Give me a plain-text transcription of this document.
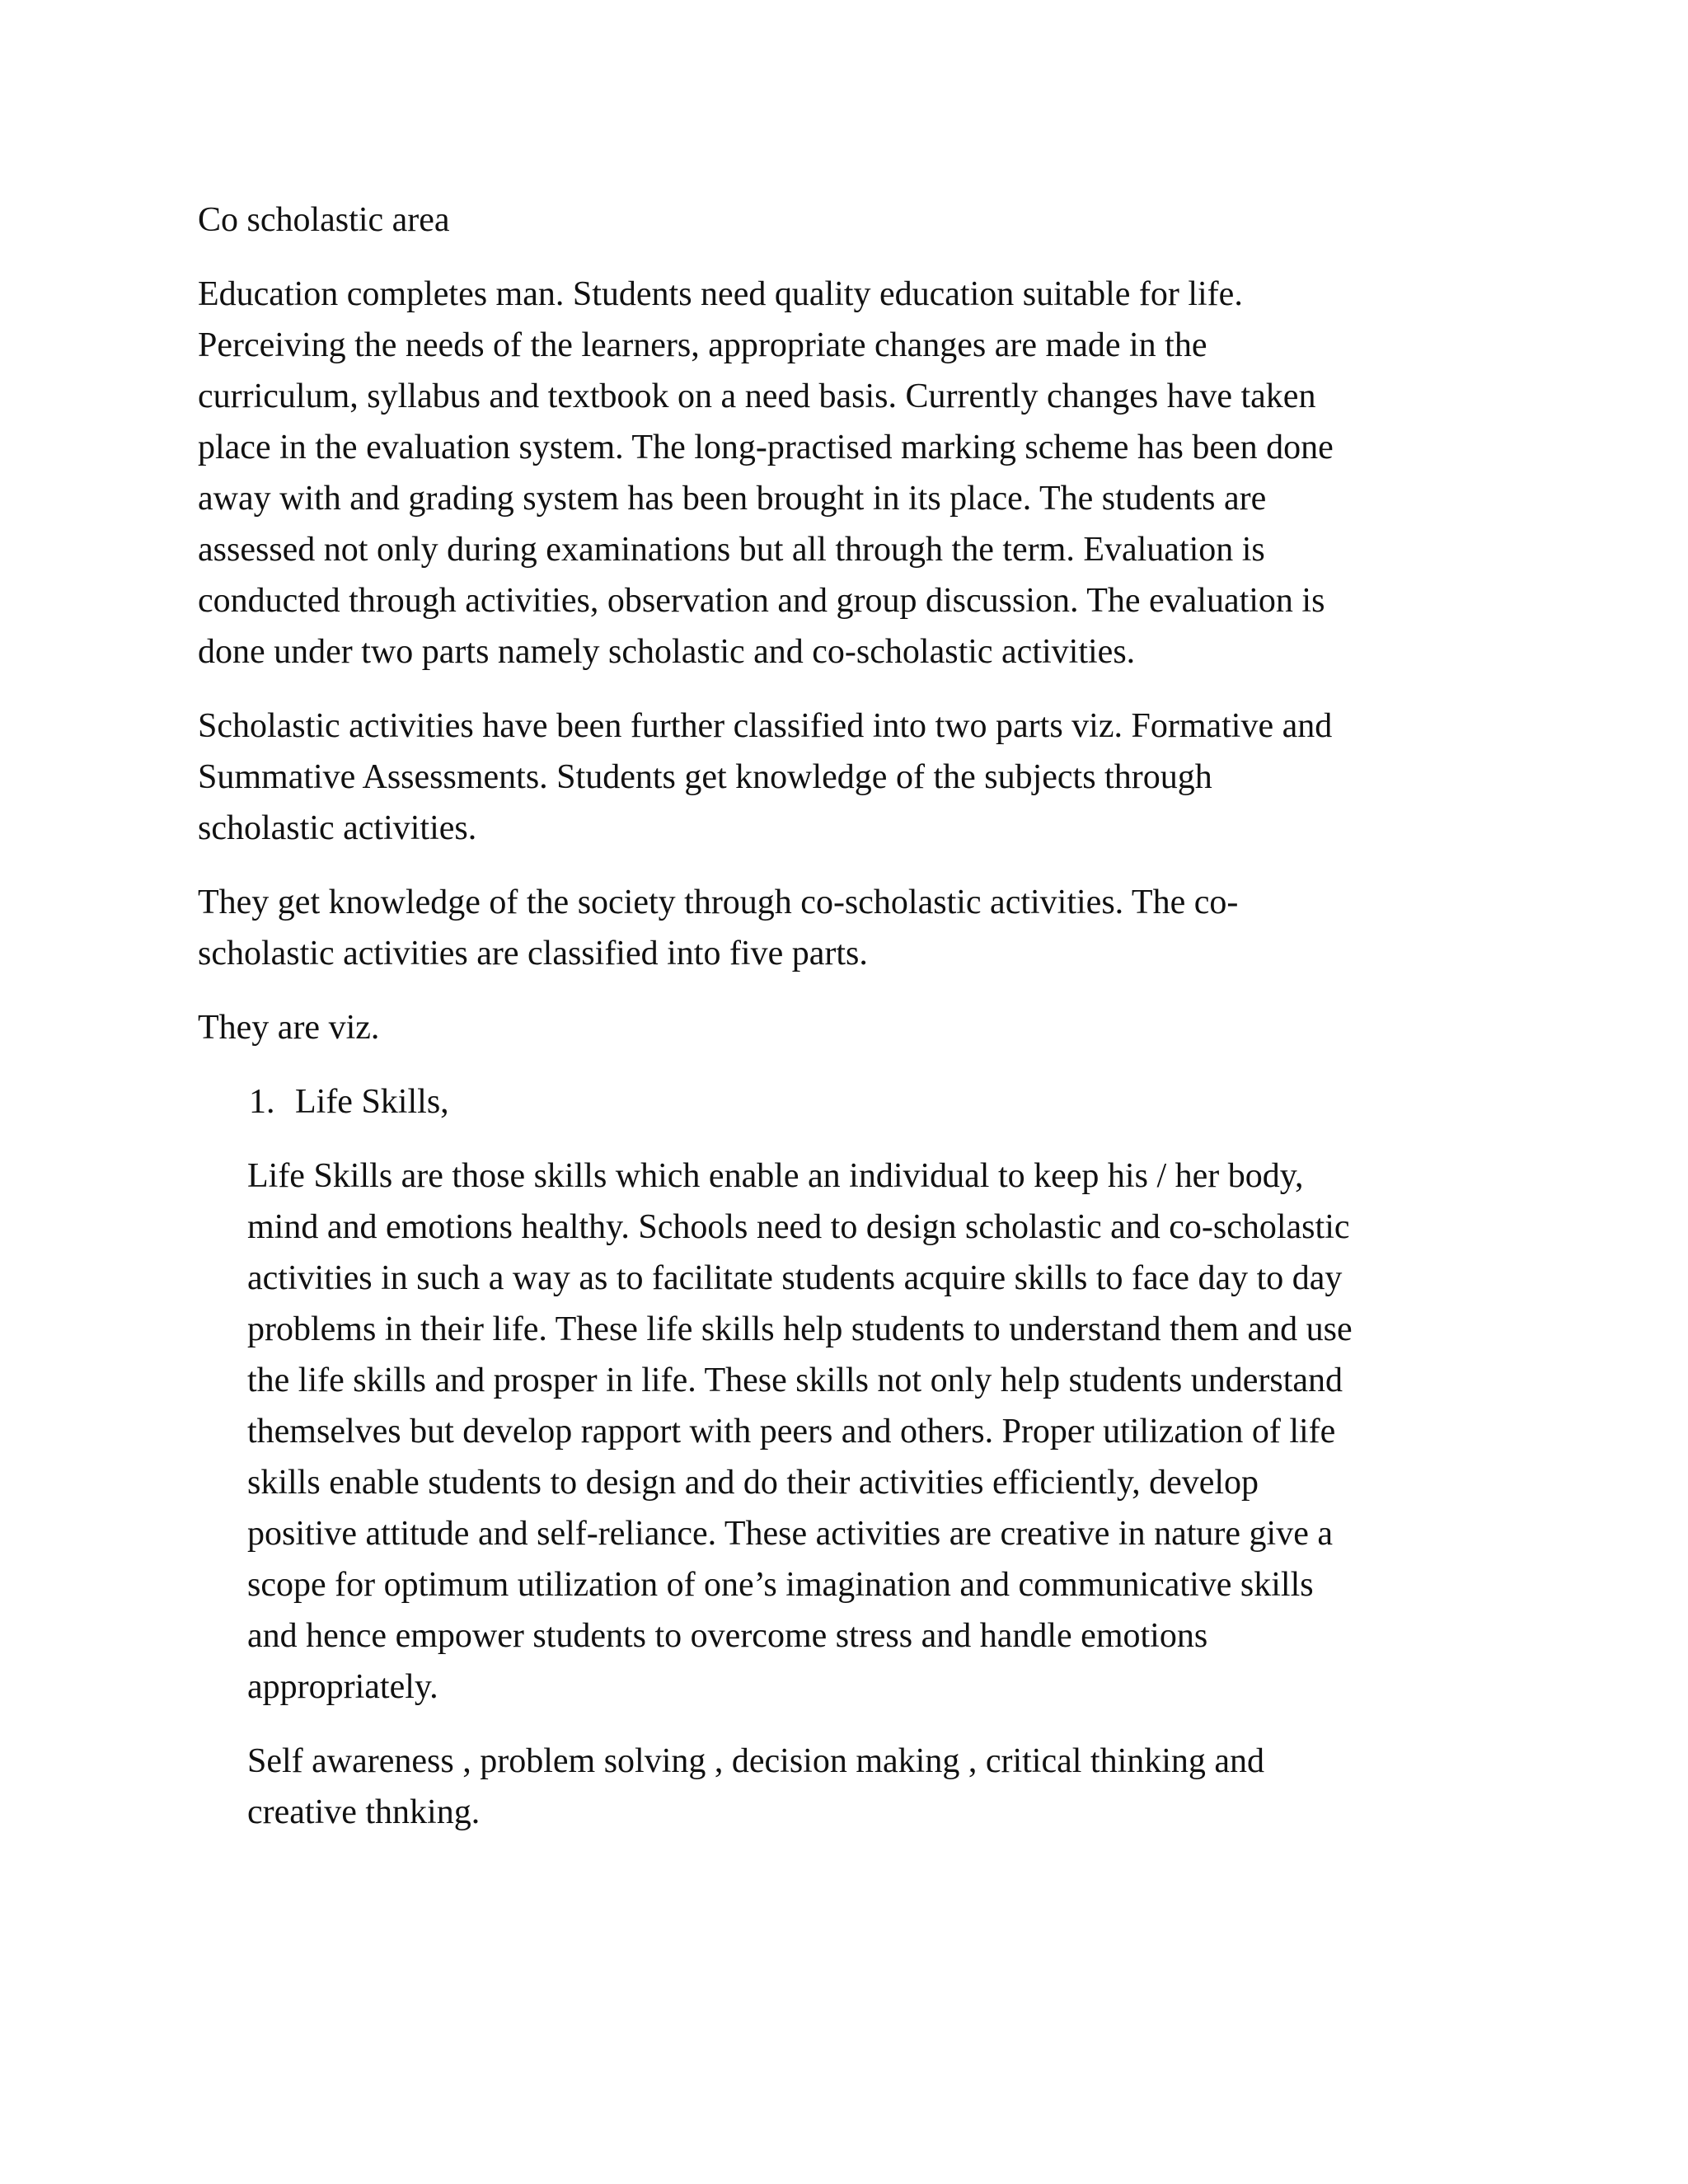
Co scholastic area
Education completes man. Students need quality education suitable for life.
Perceiving the needs of the learners, appropriate changes are made in the
curriculum, syllabus and textbook on a need basis. Currently changes have taken
place in the evaluation system. The long-practised marking scheme has been done
away with and grading system has been brought in its place. The students are
assessed not only during examinations but all through the term. Evaluation is
conducted through activities, observation and group discussion. The evaluation is
done under two parts namely scholastic and co-scholastic activities.
Scholastic activities have been further classified into two parts viz. Formative and
Summative Assessments. Students get knowledge of the subjects through
scholastic activities.
They get knowledge of the society through co-scholastic activities. The co-
scholastic activities are classified into five parts.
They are viz.
1. Life Skills,
Life Skills are those skills which enable an individual to keep his / her body,
mind and emotions healthy. Schools need to design scholastic and co-scholastic
activities in such a way as to facilitate students acquire skills to face day to day
problems in their life. These life skills help students to understand them and use
the life skills and prosper in life. These skills not only help students understand
themselves but develop rapport with peers and others. Proper utilization of life
skills enable students to design and do their activities efficiently, develop
positive attitude and self-reliance. These activities are creative in nature give a
scope for optimum utilization of one’s imagination and communicative skills
and hence empower students to overcome stress and handle emotions
appropriately.
Self awareness , problem solving , decision making , critical thinking and
creative thnking.
